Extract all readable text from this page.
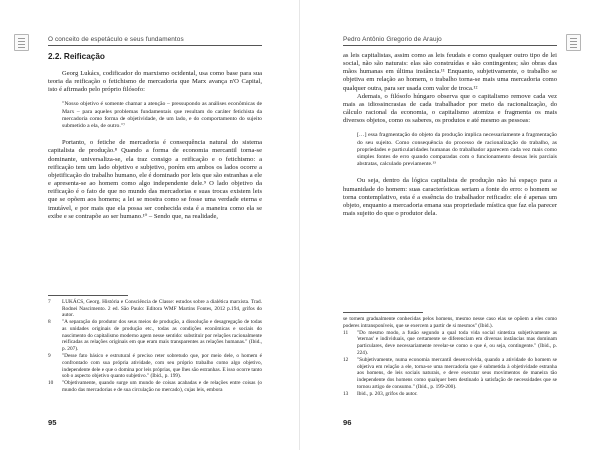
O conceito de espetáculo e seus fundamentos
2.2. Reificação

Georg Lukács, codificador do marxismo ocidental, usa como base para sua teoria da reificação o fetichismo de mercadoria que Marx avança n'O Capital, isto é afirmado pelo próprio filósofo:

"Nosso objetivo é somente chamar a atenção – pressupondo as análises econômicas de Marx – para aqueles problemas fundamentais que resultam do caráter fetichista da mercadoria como forma de objetividade, de um lado, e do comportamento do sujeito submetido a ela, de outro."⁷

Portanto, o fetiche de mercadoria é consequência natural do sistema capitalista de produção.⁸ Quando a forma de economia mercantil torna-se dominante, universaliza-se, ela traz consigo a reificação e o fetichismo: a reificação tem um lado objetivo e subjetivo, porém em ambos os lados ocorre a objetificação do trabalho humano, ele é dominado por leis que são estranhas a ele e apresenta-se ao homem como algo independente dele.⁹ O lado objetivo da reificação é o fato de que no mundo das mercadorias e suas trocas existem leis que se opõem aos homens; a lei se mostra como se fosse uma verdade eterna e imutável, e por mais que ela possa ser conhecida esta é a maneira como ela se exibe e se contrapõe ao ser humano.¹⁰ – Sendo que, na realidade,

7	LUKÁCS, Georg. História e Consciência de Classe: estudos sobre a dialética marxista. Trad. Rodnei Nascimento. 2 ed. São Paulo: Editora WMF Martins Fontes, 2012 p.194, grifos do autor.
8	"A separação do produtor dos seus meios de produção, a dissolução e desagregação de todas as unidades originais de produção etc., todas as condições econômicas e sociais do nascimento do capitalismo moderno agem nesse sentido: substituir por relações racionalmente reificadas as relações originais em que eram mais transparentes as relações humanas." (Ibid., p. 207).
9	"Desse fato básico e estrutural é preciso reter sobretudo que, por meio dele, o homem é confrontado com sua própria atividade, com seu próprio trabalho como algo objetivo, independente dele e que o domina por leis próprias, que lhes são estranhas. E isso ocorre tanto sob o aspecto objetivo quanto subjetivo." (Ibid., p. 199).
10	"Objetivamente, quando surge um mundo de coisas acabadas e de relações entre coisas (o mundo das mercadorias e de sua circulação no mercado), cujas leis, embora
95
Pedro Antônio Gregorio de Araujo

as leis capitalistas, assim como as leis feudais e como qualquer outro tipo de lei social, não são naturais: elas são construídas e são contingentes; são obras das mãos humanas em última instância.¹¹ Enquanto, subjetivamente, o trabalho se objetiva em relação ao homem, o trabalho torna-se mais uma mercadoria como qualquer outra, para ser usada com valor de troca.¹²

Ademais, o filósofo húngaro observa que o capitalismo remove cada vez mais as idiossincrasias de cada trabalhador por meio da racionalização, do cálculo racional da economia, o capitalismo atomiza e fragmenta os mais diversos objetos, como os saberes, os produtos e até mesmo as pessoas:

[…] essa fragmentação do objeto da produção implica necessariamente a fragmentação do seu sujeito. Como consequência do processo de racionalização do trabalho, as propriedades e particularidades humanas do trabalhador aparecem cada vez mais como simples fontes de erro quando comparadas com o funcionamento dessas leis parciais abstratas, calculado previamente.¹³

Ou seja, dentro da lógica capitalista de produção não há espaço para a humanidade do homem: suas características seriam a fonte do erro: o homem se torna contemplativo, esta é a essência do trabalhador reificado: ele é apenas um objeto, enquanto a mercadoria emana sua propriedade mística que faz ela parecer mais sujeito do que o produtor dela.

se tornem gradualmente conhecidas pelos homens, mesmo nesse caso elas se opõem a eles como poderes intransponíveis, que se exercem a partir de si mesmos" (Ibid.).
11	"Do mesmo modo, a fusão segundo a qual toda vida social sintetiza subjetivamente as 'eternas' e individuais, que certamente se diferenciam em diversas instâncias mas dominam particulares, deve necessariamente revelar-se como o que é, ou seja, contingente." (Ibid., p. 224).
12	"Subjetivamente, numa economia mercantil desenvolvida, quando a atividade do homem se objetiva em relação a ele, torna-se uma mercadoria que é submetida à objetividade estranha aos homens, de leis sociais naturais, e deve executar seus movimentos de maneira tão independente dos homens como qualquer bem destinado à satisfação de necessidades que se tornou artigo de consumo." (Ibid., p. 199-200).
13	Ibid., p. 203, grifos do autor.
96
